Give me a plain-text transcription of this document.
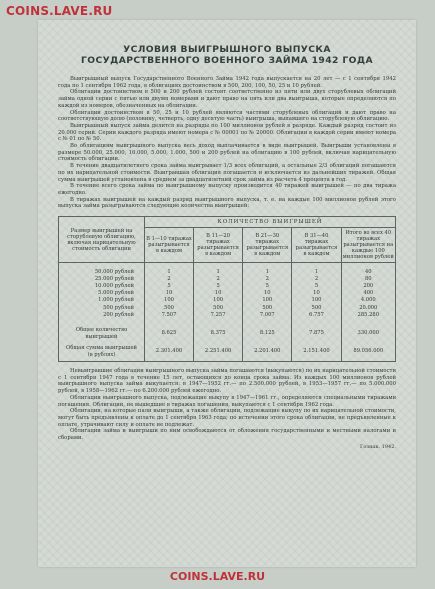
COINS.LAVE.RU
УСЛОВИЯ ВЫИГРЫШНОГО ВЫПУСКА
ГОСУДАРСТВЕННОГО ВОЕННОГО ЗАЙМА 1942 ГОДА

Выигрышный выпуск Государственного Военного Займа 1942 года выпускается на 20 лет — с 1 сентября 1942 года по 1 сентября 1962 года, в облигациях достоинством в 500, 200, 100, 50, 25 и 10 рублей.

Облигации достоинством в 500 и 200 рублей состоят соответственно из пяти или двух сторублевых облигаций займа одной серии с пятью или двумя номерами и дают право на пять или два выигрыша, которые определяются по каждой из номеров, обозначенных на облигации.

Облигации достоинством в 50, 25 и 10 рублей являются частями сторублевых облигаций и дают право на соответствующую долю (половину, четверть, одну десятую часть) выигрыша, выпавшего на сторублевую облигацию.

Выигрышный выпуск займа делится на разряды по 100 миллионов рублей в разряде. Каждый разряд состоит из 20.000 серий. Серии каждого разряда имеют номера с № 00001 по № 20000. Облигации в каждой серии имеют номера с № 01 по № 50.

Во облигациям выигрышного выпуска весь доход выплачивается в виде выигрышей. Выигрыши установлены в размере 50.000, 25.000, 10.000, 5.000, 1.000, 500 и 200 рублей на облигацию в 100 рублей, включая нарицательную стоимость облигации.

В течение двадцатилетнего срока займа выигрывает 1/3 всех облигаций, а остальные 2/3 облигаций погашаются по их нарицательной стоимости. Выигравшая облигация погашается и исключается из дальнейших тиражей. Общая сумма выигрышей установлена в среднем за двадцатилетний срок займа из расчета 4 процента в год.

В течение всего срока займа по выигрышному выпуску производится 40 тиражей выигрышей — по два тиража ежегодно.

В тиражах выигрышей на каждый разряд выигрышного выпуска, т. е. на каждые 100 миллионов рублей этого выпуска займа разыгрываются следующие количества выигрышей:

Размер выигрышей на сторублевую облигацию, включая нарицательную стоимость облигации	КОЛИЧЕСТВО ВЫИГРЫШЕЙ				
	В 1—10 тиражах разыгрывается в каждом	В 11—20 тиражах разыгрывается в каждом	В 21—30 тиражах разыгрывается в каждом	В 31—40 тиражах разыгрывается в каждом	Итого во всех 40 тиражах разыгрывается на каждые 100 миллионов рублей

50.000 рублей	1	1	1	1	40
25.000 рублей	2	2	2	2	80
10.000 рублей	5	5	5	5	200
5.000 рублей	10	10	10	10	400
1.000 рублей	100	100	100	100	4.000
500 рублей	500	500	500	500	20.000
200 рублей	7.507	7.257	7.007	6.757	285.280

Общее количество выигрышей	8.625	8.375	8.125	7.875	330.000
Общая сумма выигрышей (в рублях)	2.301.400	2.251.400	2.201.400	2.151.400	89.056.000

Невыигравшие облигации выигрышного выпуска займа погашаются (выкупаются) по их нарицательной стоимости с 1 сентября 1947 года в течение 15 лет, остающихся до конца срока займа. Из каждых 100 миллионов рублей выигрышного выпуска займа выкупается: в 1947—1952 гг.— по 2.500.000 рублей, в 1953—1957 гг.— по 5.000.000 рублей, в 1958—1962 гг.— по 6.200.000 рублей ежегодно.

Облигации выигрышного выпуска, подлежащие выкупу в 1947—1961 гг., определяются специальными тиражами погашения. Облигации, не вышедшие в тиражах погашения, выкупаются с 1 сентября 1962 года.

Облигации, на которые пали выигрыши, а также облигации, подлежащие выкупу по их нарицательной стоимости, могут быть предъявлены к оплате до 1 сентября 1963 года; по истечении этого срока облигации, не предъявленные к оплате, утрачивают силу и оплате не подлежат.

Облигации займа и выигрыши по ним освобождаются от обложения государственными и местными налогами и сборами.

Гознак. 1942.
COINS.LAVE.RU
